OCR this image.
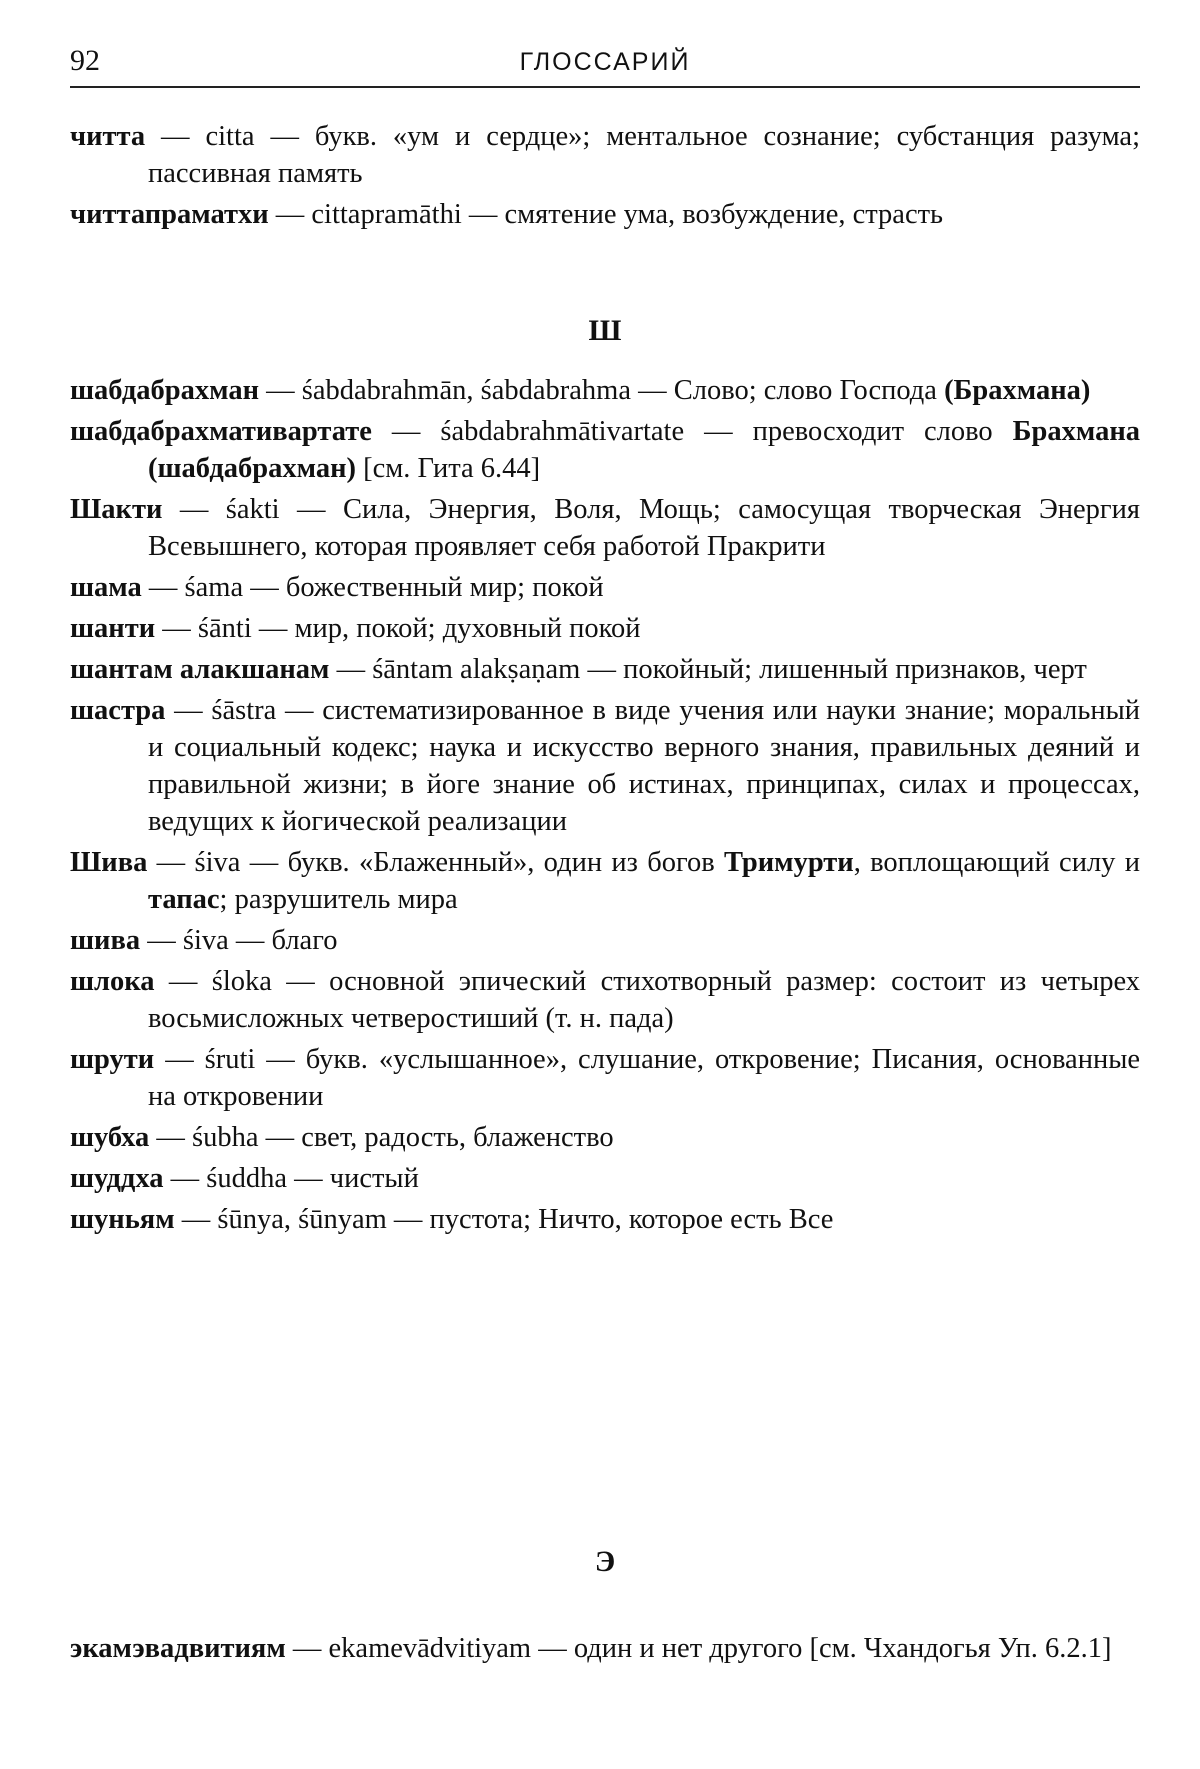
92	ГЛОССАРИЙ

читта — citta — букв. «ум и сердце»; ментальное сознание; субстанция разума; пассивная память

читтапраматхи — cittapramāthi — смятение ума, возбуждение, страсть

Ш

шабдабрахман — śabdabrahmān, śabdabrahma — Слово; слово Господа (Брахмана)

шабдабрахмативартате — śabdabrahmātivartate — превосходит слово Брахмана (шабдабрахман) [см. Гита 6.44]

Шакти — śakti — Сила, Энергия, Воля, Мощь; самосущая творческая Энергия Всевышнего, которая проявляет себя работой Пракрити

шама — śama — божественный мир; покой

шанти — śānti — мир, покой; духовный покой

шантам алакшанам — śāntam alakṣaṇam — покойный; лишенный признаков, черт

шастра — śāstra — систематизированное в виде учения или науки знание; моральный и социальный кодекс; наука и искусство верного знания, правильных деяний и правильной жизни; в йоге знание об истинах, принципах, силах и процессах, ведущих к йогической реализации

Шива — śiva — букв. «Блаженный», один из богов Тримурти, воплощающий силу и тапас; разрушитель мира

шива — śiva — благо

шлока — śloka — основной эпический стихотворный размер: состоит из четырех восьмисложных четверостиший (т. н. пада)

шрути — śruti — букв. «услышанное», слушание, откровение; Писания, основанные на откровении

шубха — śubha — свет, радость, блаженство

шуддха — śuddha — чистый

шуньям — śūnya, śūnyam — пустота; Ничто, которое есть Все

Э

экамэвадвитиям — ekamevādvitiyam — один и нет другого [см. Чхандогья Уп. 6.2.1]
